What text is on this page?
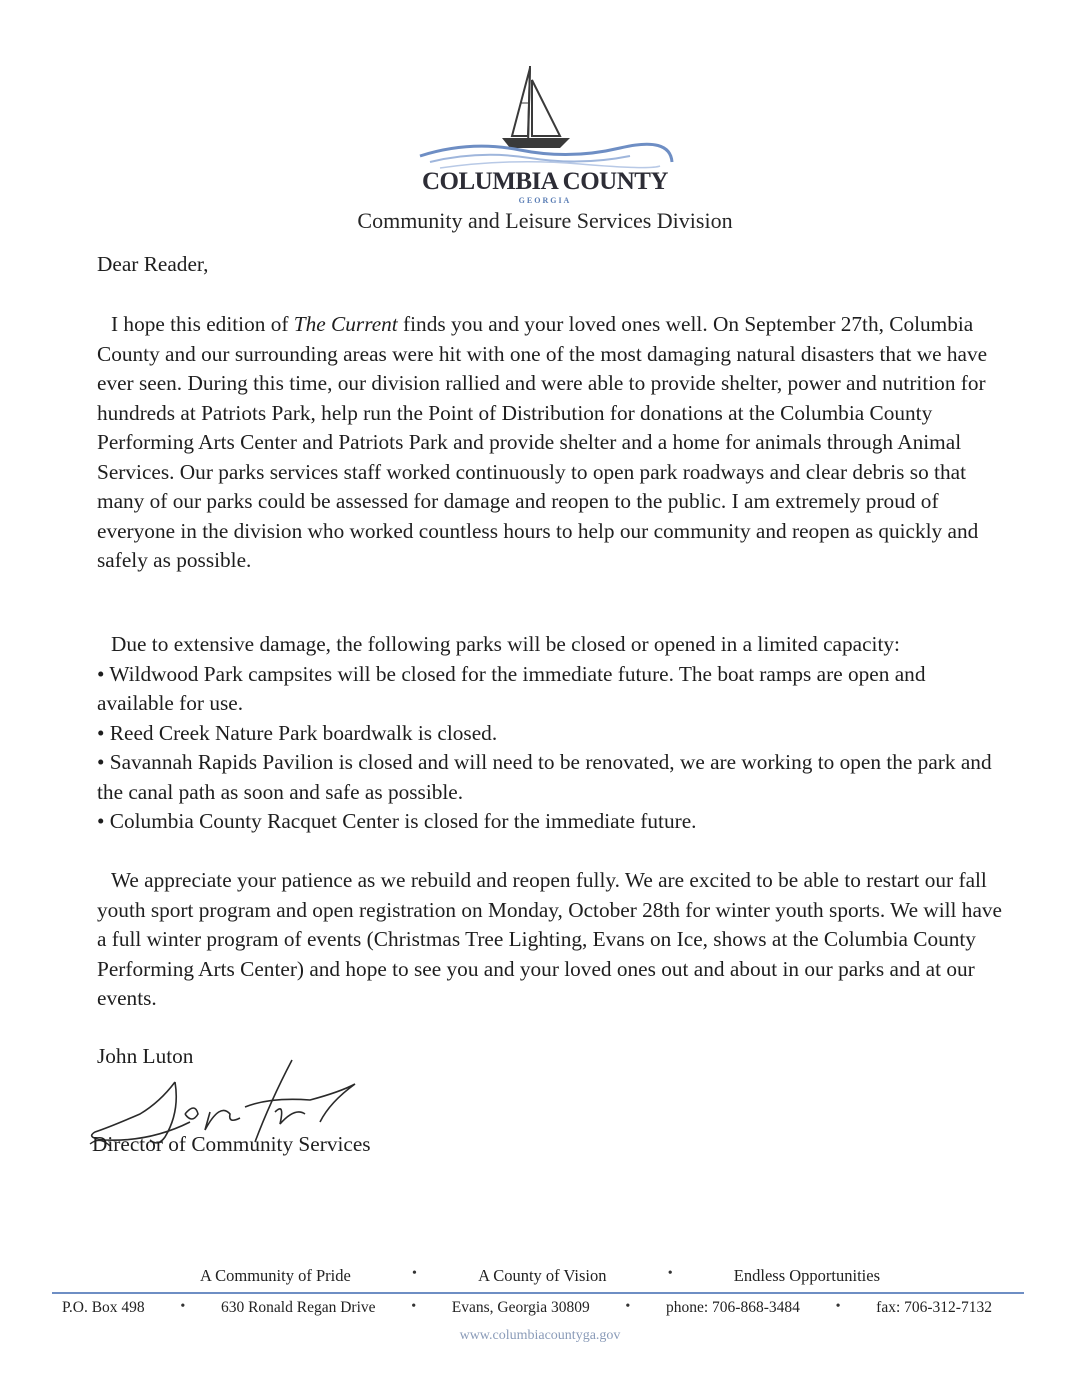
COLUMBIA COUNTY
GEORGIA
Community and Leisure Services Division
Dear Reader,

I hope this edition of The Current finds you and your loved ones well. On September 27th, Columbia County and our surrounding areas were hit with one of the most damaging natural disasters that we have ever seen. During this time, our division rallied and were able to provide shelter, power and nutrition for hundreds at Patriots Park, help run the Point of Distribution for donations at the Columbia County Performing Arts Center and Patriots Park and provide shelter and a home for animals through Animal Services. Our parks services staff worked continuously to open park roadways and clear debris so that many of our parks could be assessed for damage and reopen to the public. I am extremely proud of everyone in the division who worked countless hours to help our community and reopen as quickly and safely as possible.

Due to extensive damage, the following parks will be closed or opened in a limited capacity:

• Wildwood Park campsites will be closed for the immediate future. The boat ramps are open and available for use.

• Reed Creek Nature Park boardwalk is closed.

• Savannah Rapids Pavilion is closed and will need to be renovated, we are working to open the park and the canal path as soon and safe as possible.

• Columbia County Racquet Center is closed for the immediate future.

We appreciate your patience as we rebuild and reopen fully. We are excited to be able to restart our fall youth sport program and open registration on Monday, October 28th for winter youth sports. We will have a full winter program of events (Christmas Tree Lighting, Evans on Ice, shows at the Columbia County Performing Arts Center) and hope to see you and your loved ones out and about in our parks and at our events.

John Luton
Director of Community Services
A Community of Pride	•	A County of Vision	•	Endless Opportunities
P.O. Box 498	• 630 Ronald Regan Drive	• Evans, Georgia 30809	• phone: 706-868-3484	• fax: 706-312-7132
www.columbiacountyga.gov
